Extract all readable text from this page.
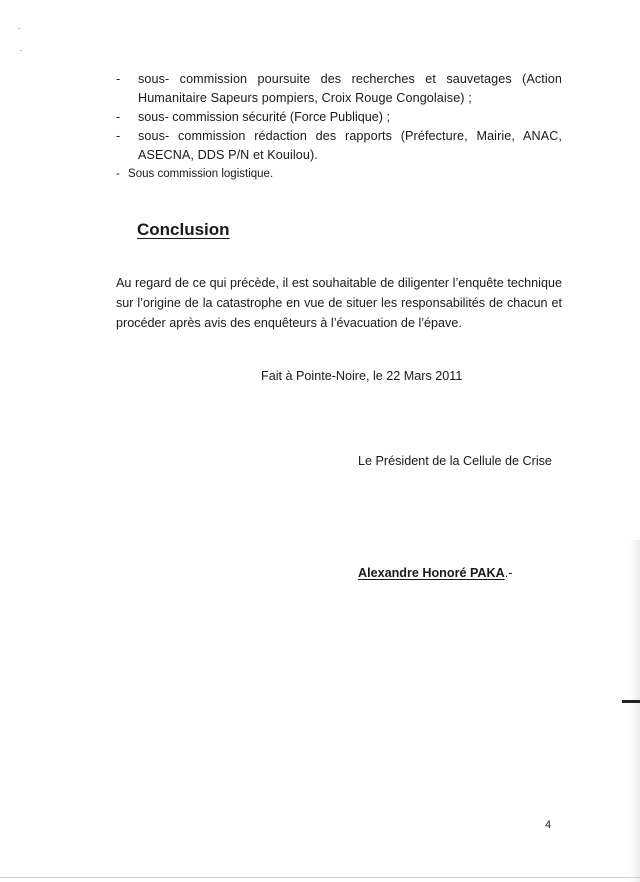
- sous- commission poursuite des recherches et sauvetages (Action Humanitaire Sapeurs pompiers, Croix Rouge Congolaise) ;
- sous- commission sécurité (Force Publique) ;
- sous- commission rédaction des rapports (Préfecture, Mairie, ANAC, ASECNA, DDS P/N et Kouilou).
- Sous commission logistique.
Conclusion
Au regard de ce qui précède, il est souhaitable de diligenter l’enquête technique sur l’origine de la catastrophe en vue de situer les responsabilités de chacun et procéder après avis des enquêteurs à l’évacuation de l’épave.
Fait à Pointe-Noire, le 22 Mars 2011
Le Président de la Cellule de Crise
Alexandre Honoré PAKA.-
4
